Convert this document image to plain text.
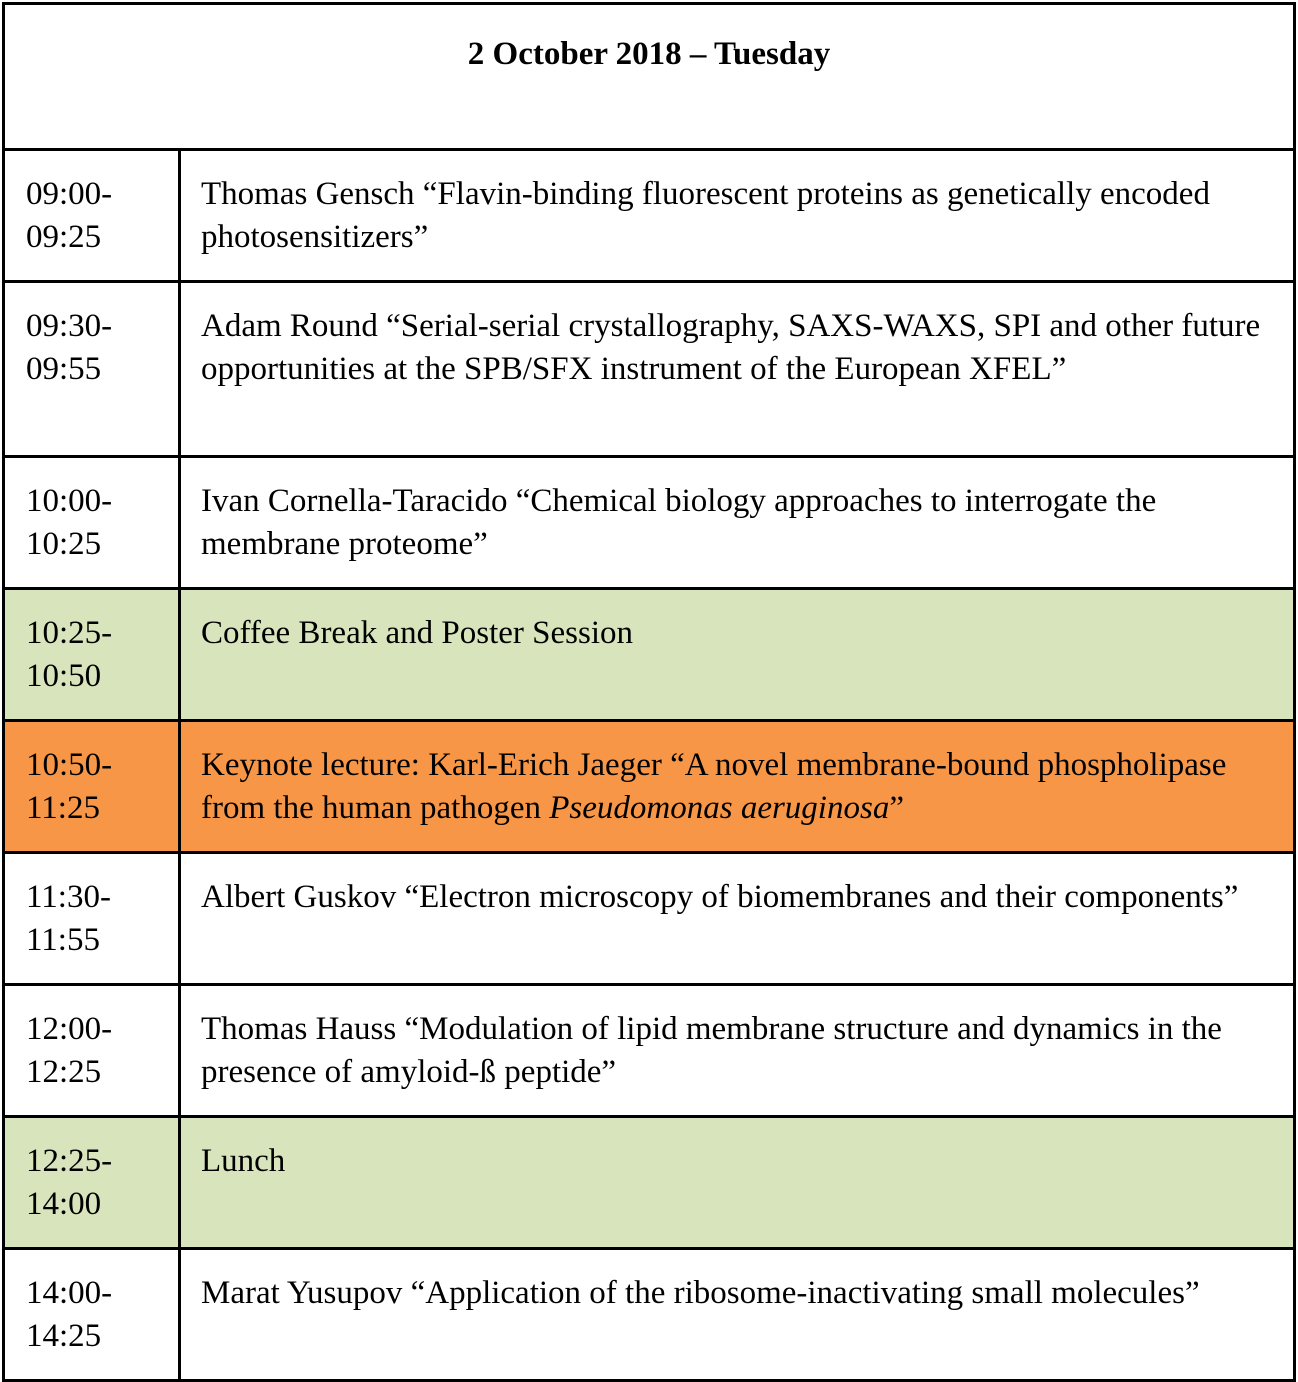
2 October 2018 – Tuesday	

09:00-
09:25	Thomas Gensch “Flavin-binding fluorescent proteins as genetically encoded photosensitizers”

09:30-
09:55	Adam Round “Serial-serial crystallography, SAXS-WAXS, SPI and other future opportunities at the SPB/SFX instrument of the European XFEL”

10:00-
10:25	Ivan Cornella-Taracido “Chemical biology approaches to interrogate the membrane proteome”

10:25-
10:50	Coffee Break and Poster Session

10:50-
11:25	Keynote lecture: Karl-Erich Jaeger “A novel membrane-bound phospholipase from the human pathogen Pseudomonas aeruginosa”

11:30-
11:55	Albert Guskov “Electron microscopy of biomembranes and their components”

12:00-
12:25	Thomas Hauss “Modulation of lipid membrane structure and dynamics in the presence of amyloid-ß peptide”

12:25-
14:00	Lunch

14:00-
14:25	Marat Yusupov “Application of the ribosome-inactivating small molecules”
